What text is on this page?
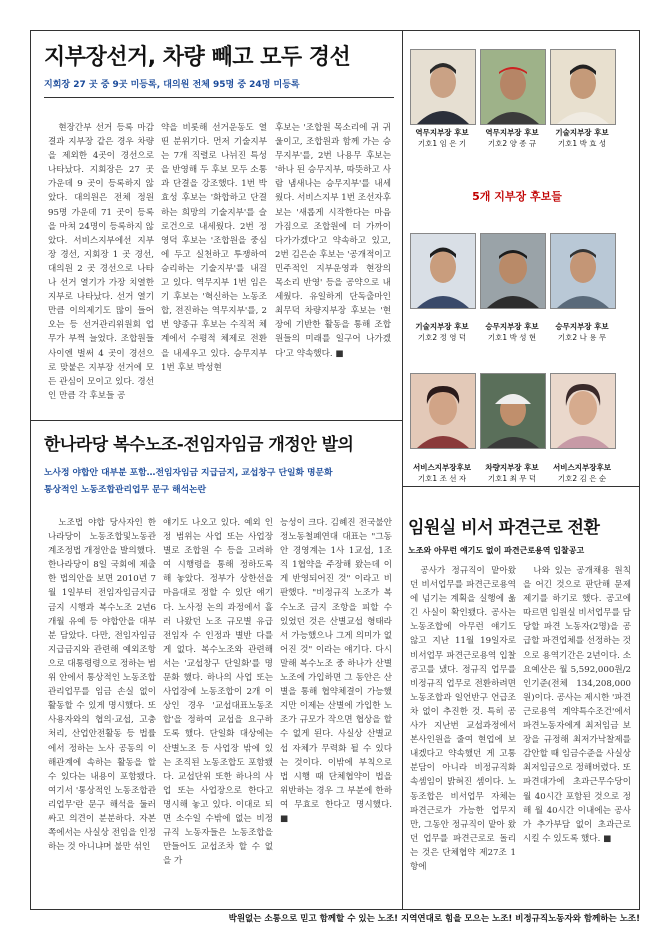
지부장선거, 차량 빼고 모두 경선
지회장 27 곳 중 9곳 미등록, 대의원 전체 95명 중 24명 미등록

현장간부 선거 등록 마감 결과 지부장 같은 경우 차량을 제외한 4곳이 경선으로 나타났다. 지회장은 27 곳 가운데 9 곳이 등록하지 않았다. 대의원은 전체 정원 95명 가운데 71 곳이 등록을 마쳐 24명이 등록하지 않았다. 서비스지부에선 지부장 경선, 지회장 1 곳 경선, 대의원 2 곳 경선으로 나타나 선거 열기가 가장 치열한 지부로 나타났다. 선거 열기만큼 이의제기도 많이 들어오는 등 선거관리위원회 업무가 부쩍 늘었다. 조합원들 사이엔 벌써 4 곳이 경선으로 맞붙은 지부장 선거에 모든 관심이 모이고 있다. 경선인 만큼 각 후보들 공

약을 비롯해 선거운동도 열띤 분위기다. 먼저 기술지부는 7개 직렬로 나뉘진 특성을 반영해 두 후보 모두 소통과 단결을 강조했다. 1번 박효성 후보는 '화합하고 단결하는 희망의 기술지부'를 슬로건으로 내세웠다. 2번 정영덕 후보는 '조합원을 중심에 두고 실천하고 투쟁하여 승리하는 기술지부'를 내걸고 있다. 역무지부 1번 임은기 후보는 '혁신하는 노동조합, 전진하는 역무지부'를, 2번 양종규 후보는 수직적 체계에서 수평적 체제로 전환을 내세우고 있다. 승무지부 1번 후보 박성현

후보는 '조합원 목소리에 귀 귀울이고, 조합원과 함께 가는 승무지부'를, 2번 나용무 후보는 '하나 된 승무지부, 따뜻하고 사람 냄새나는 승무지부'를 내세웠다. 서비스지부 1번 조선자후보는 '새롭게 시작한다는 마음가짐으로 조합원에 더 가까이 다가가겠다'고 약속하고 있고, 2번 김은순 후보는 '공개적이고 민주적인 지부운영과 현장의 목소리 반영' 등을 공약으로 내세웠다. 유일하게 단독출마인 최무덕 차량지부장 후보는 '현장에 기반한 활동을 통해 조합원들의 미래를 일구어 나가겠다'고 약속했다. ■

역무지부장 후보
기호1 임 은 기
역무지부장 후보
기호2 양 종 규
기술지부장 후보
기호1 박 효 성
5개 지부장 후보들
기술지부장 후보
기호2 정 영 덕
승무지부장 후보
기호1 박 성 현
승무지부장 후보
기호2 나 용 무
서비스지부장후보
기호1 조 선 자
차량지부장 후보
기호1 최 무 덕
서비스지부장후보
기호2 김 은 순
한나라당 복수노조-전임자임금 개정안 발의
노사정 야합안 대부분 포함…전임자임금 지급금지, 교섭창구 단일화 명문화
통상적인 노동조합관리업무 문구 해석논란

노조법 야합 당사자인 한나라당이 노동조합및노동관계조정법 개정안을 발의했다. 한나라당이 8일 국회에 제출한 법의안을 보면 2010년 7월 1일부터 전임자임금지급금지 시행과 복수노조 2년6개월 유예 등 야합안을 대부분 담았다. 다만, 전임자임금지급금지와 관련해 예외조항으로 대통령령으로 정하는 범위 안에서 통상적인 노동조합관리업무를 임금 손실 없이 활동할 수 있게 명시했다. 또 사용자와의 협의·교섭, 고충처리, 산업안전활동 등 법률에서 정하는 노사 공동의 이해관계에 속하는 활동을 할 수 있다는 내용이 포함됐다. 여기서 '통상적인 노동조합관리업무'란 문구 해석을 둘러싸고 의견이 분분하다. 자본 쪽에서는 사실상 전임을 인정하는 것 아니냐며 불만 섞인

얘기도 나오고 있다. 예외 인정 범위는 사업 또는 사업장별로 조합원 수 등을 고려하여 시행령을 통해 정하도록 해 놓았다. 정부가 상한선을 마음대로 정할 수 있단 얘기다. 노사정 논의 과정에서 흘러 나왔던 노조 규모별 유급전임자 수 인정과 별반 다를 게 없다. 복수노조와 관련해서는 '교섭창구 단일화'를 명문화 했다. 하나의 사업 또는 사업장에 노동조합이 2개 이상인 경우 '교섭대표노동조합'을 정하여 교섭을 요구하도록 했다. 단일화 대상에는 산별노조 등 사업장 밖에 있는 조직된 노동조합도 포함됐다. 교섭단위 또한 하나의 사업 또는 사업장으로 한다고 명시해 놓고 있다. 이대로 되면 소수일 수밖에 없는 비정규직 노동자들은 노동조합을 만들어도 교섭조차 할 수 없을 가

능성이 크다. 김혜진 전국불안정노동철폐연대 대표는 "그동안 경영계는 1사 1교섭, 1조직 1협약을 주장해 왔는데 이게 반영되어진 것" 이라고 비판했다. "비정규직 노조가 복수노조 금지 조항을 피할 수 있었던 것은 산별교섭 형태라서 가능했으나 그게 의미가 없어진 것" 이라는 얘기다. 다시말해 복수노조 중 하나가 산별노조에 가입하면 그 동안은 산별을 통해 협약체결이 가능했지만 이제는 산별에 가입한 노조가 규모가 작으면 협상을 할 수 없게 된다. 사실상 산별교섭 자체가 무력화 될 수 있다는 것이다. 이밖에 부칙으로 법 시행 때 단체협약이 법을 위반하는 경우 그 부분에 한하여 무효로 한다고 명시했다. ■

임원실 비서 파견근로 전환
노조와 아무런 얘기도 없이 파견근로용역 입찰공고

공사가 정규직이 맡아왔던 비서업무를 파견근로용역에 넘기는 계획을 실행에 옮긴 사실이 확인됐다. 공사는 노동조합에 아무런 얘기도 않고 지난 11월 19일자로 비서업무 파견근로용역 입찰 공고를 냈다. 정규직 업무를 비정규직 업무로 전환하려면 노동조합과 일언반구 언급조차 없이 추진한 것. 특히 공사가 지난번 교섭과정에서 본사인원을 줄여 현업에 보내겠다고 약속했던 게 고통분담이 아니라 비정규직화 속셈임이 밝혀진 셈이다. 노동조합은 비서업무 자체는 파견근로가 가능한 업무지만, 그동안 정규직이 맡아 왔던 업무를 파견근로로 돌리는 것은 단체협약 제27조 1항에

나와 있는 공개채용 원칙을 어긴 것으로 판단해 문제제기를 하기로 했다. 공고에 따르면 임원실 비서업무를 담당할 파견 노동자(2명)을 공급할 파견업체를 선정하는 것으로 용역기간은 2년이다. 소요예산은 월 5,592,000원/2인기준(전체 134,208,000원)이다. 공사는 제시한 '파견근로용역 계약특수조건'에서 파견노동자에게 최저임금 보장을 규정해 최저가낙찰제를 감안할 때 임금수준을 사실상 최저임금으로 정해버렸다. 또 파견대가에 초과근무수당이 월 40시간 포함된 것으로 정해 월 40시간 이내에는 공사가 추가부담 없이 초과근로 시킬 수 있도록 했다. ■

박원없는 소통으로 믿고 함께할 수 있는 노조! 지역연대로 힘을 모으는 노조! 비정규직노동자와 함께하는 노조!
